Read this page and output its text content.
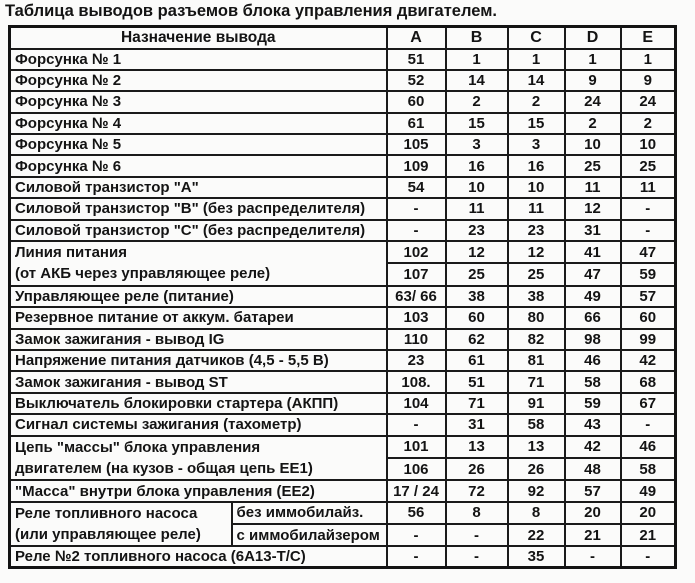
Таблица выводов разъемов блока управления двигателем.
Назначение вывода		A	B	C	D	E
Форсунка № 1		51	1	1	1	1
Форсунка № 2		52	14	14	9	9
Форсунка № 3		60	2	2	24	24
Форсунка № 4		61	15	15	2	2
Форсунка № 5		105	3	3	10	10
Форсунка № 6		109	16	16	25	25
Силовой транзистор "А"		54	10	10	11	11
Силовой транзистор "В" (без распределителя)		-	11	11	12	-
Силовой транзистор "С" (без распределителя)		-	23	23	31	-

Линия питания
(от АКБ через управляющее реле)		102	12	12	41	47
		107	25	25	47	59
Управляющее реле (питание)		63/ 66	38	38	49	57
Резервное питание от аккум. батареи		103	60	80	66	60
Замок зажигания - вывод IG		110	62	82	98	99
Напряжение питания датчиков (4,5 - 5,5 В)		23	61	81	46	42
Замок зажигания - вывод ST		108.	51	71	58	68
Выключатель блокировки стартера (АКПП)		104	71	91	59	67
Сигнал системы зажигания (тахометр)		-	31	58	43	-

Цепь "массы" блока управления
двигателем (на кузов - общая цепь ЕЕ1)		101	13	13	42	46
		106	26	26	48	58
"Масса" внутри блока управления (ЕЕ2)		17 / 24	72	92	57	49

Реле топливного насоса
(или управляющее реле)	без иммобилайз.	56	8	8	20	20
	с иммобилайзером	-	-	22	21	21
Реле №2 топливного насоса (6А13-Т/С)		-	-	35	-	-
